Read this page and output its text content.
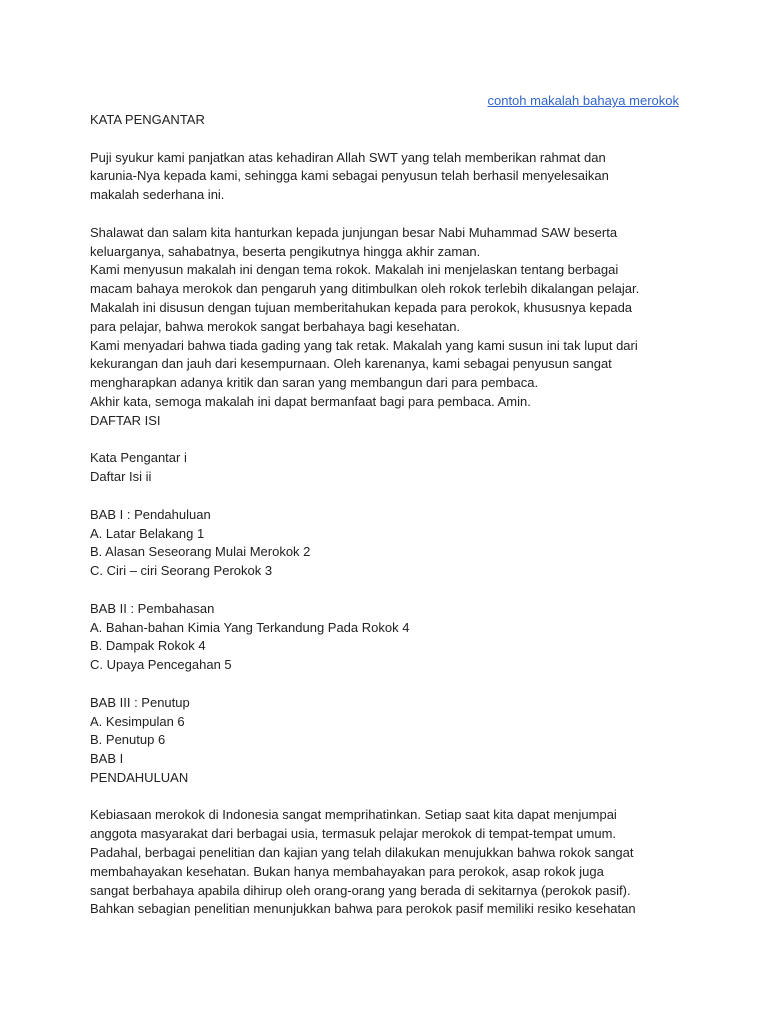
contoh makalah bahaya merokok
KATA PENGANTAR
Puji syukur kami panjatkan atas kehadiran Allah SWT yang telah memberikan rahmat dan
karunia-Nya kepada kami, sehingga kami sebagai penyusun telah berhasil menyelesaikan
makalah sederhana ini.
Shalawat dan salam kita hanturkan kepada junjungan besar Nabi Muhammad SAW beserta
keluarganya, sahabatnya, beserta pengikutnya hingga akhir zaman.
Kami menyusun makalah ini dengan tema rokok. Makalah ini menjelaskan tentang berbagai
macam bahaya merokok dan pengaruh yang ditimbulkan oleh rokok terlebih dikalangan pelajar.
Makalah ini disusun dengan tujuan memberitahukan kepada para perokok, khususnya kepada
para pelajar, bahwa merokok sangat berbahaya bagi kesehatan.
Kami menyadari bahwa tiada gading yang tak retak. Makalah yang kami susun ini tak luput dari
kekurangan dan jauh dari kesempurnaan. Oleh karenanya, kami sebagai penyusun sangat
mengharapkan adanya kritik dan saran yang membangun dari para pembaca.
Akhir kata, semoga makalah ini dapat bermanfaat bagi para pembaca. Amin.
DAFTAR ISI
Kata Pengantar i
Daftar Isi ii
BAB I : Pendahuluan
A. Latar Belakang 1
B. Alasan Seseorang Mulai Merokok 2
C. Ciri – ciri Seorang Perokok 3
BAB II : Pembahasan
A. Bahan-bahan Kimia Yang Terkandung Pada Rokok 4
B. Dampak Rokok 4
C. Upaya Pencegahan 5
BAB III : Penutup
A. Kesimpulan 6
B. Penutup 6
BAB I
PENDAHULUAN
Kebiasaan merokok di Indonesia sangat memprihatinkan. Setiap saat kita dapat menjumpai
anggota masyarakat dari berbagai usia, termasuk pelajar merokok di tempat-tempat umum.
Padahal, berbagai penelitian dan kajian yang telah dilakukan menujukkan bahwa rokok sangat
membahayakan kesehatan. Bukan hanya membahayakan para perokok, asap rokok juga
sangat berbahaya apabila dihirup oleh orang-orang yang berada di sekitarnya (perokok pasif).
Bahkan sebagian penelitian menunjukkan bahwa para perokok pasif memiliki resiko kesehatan
